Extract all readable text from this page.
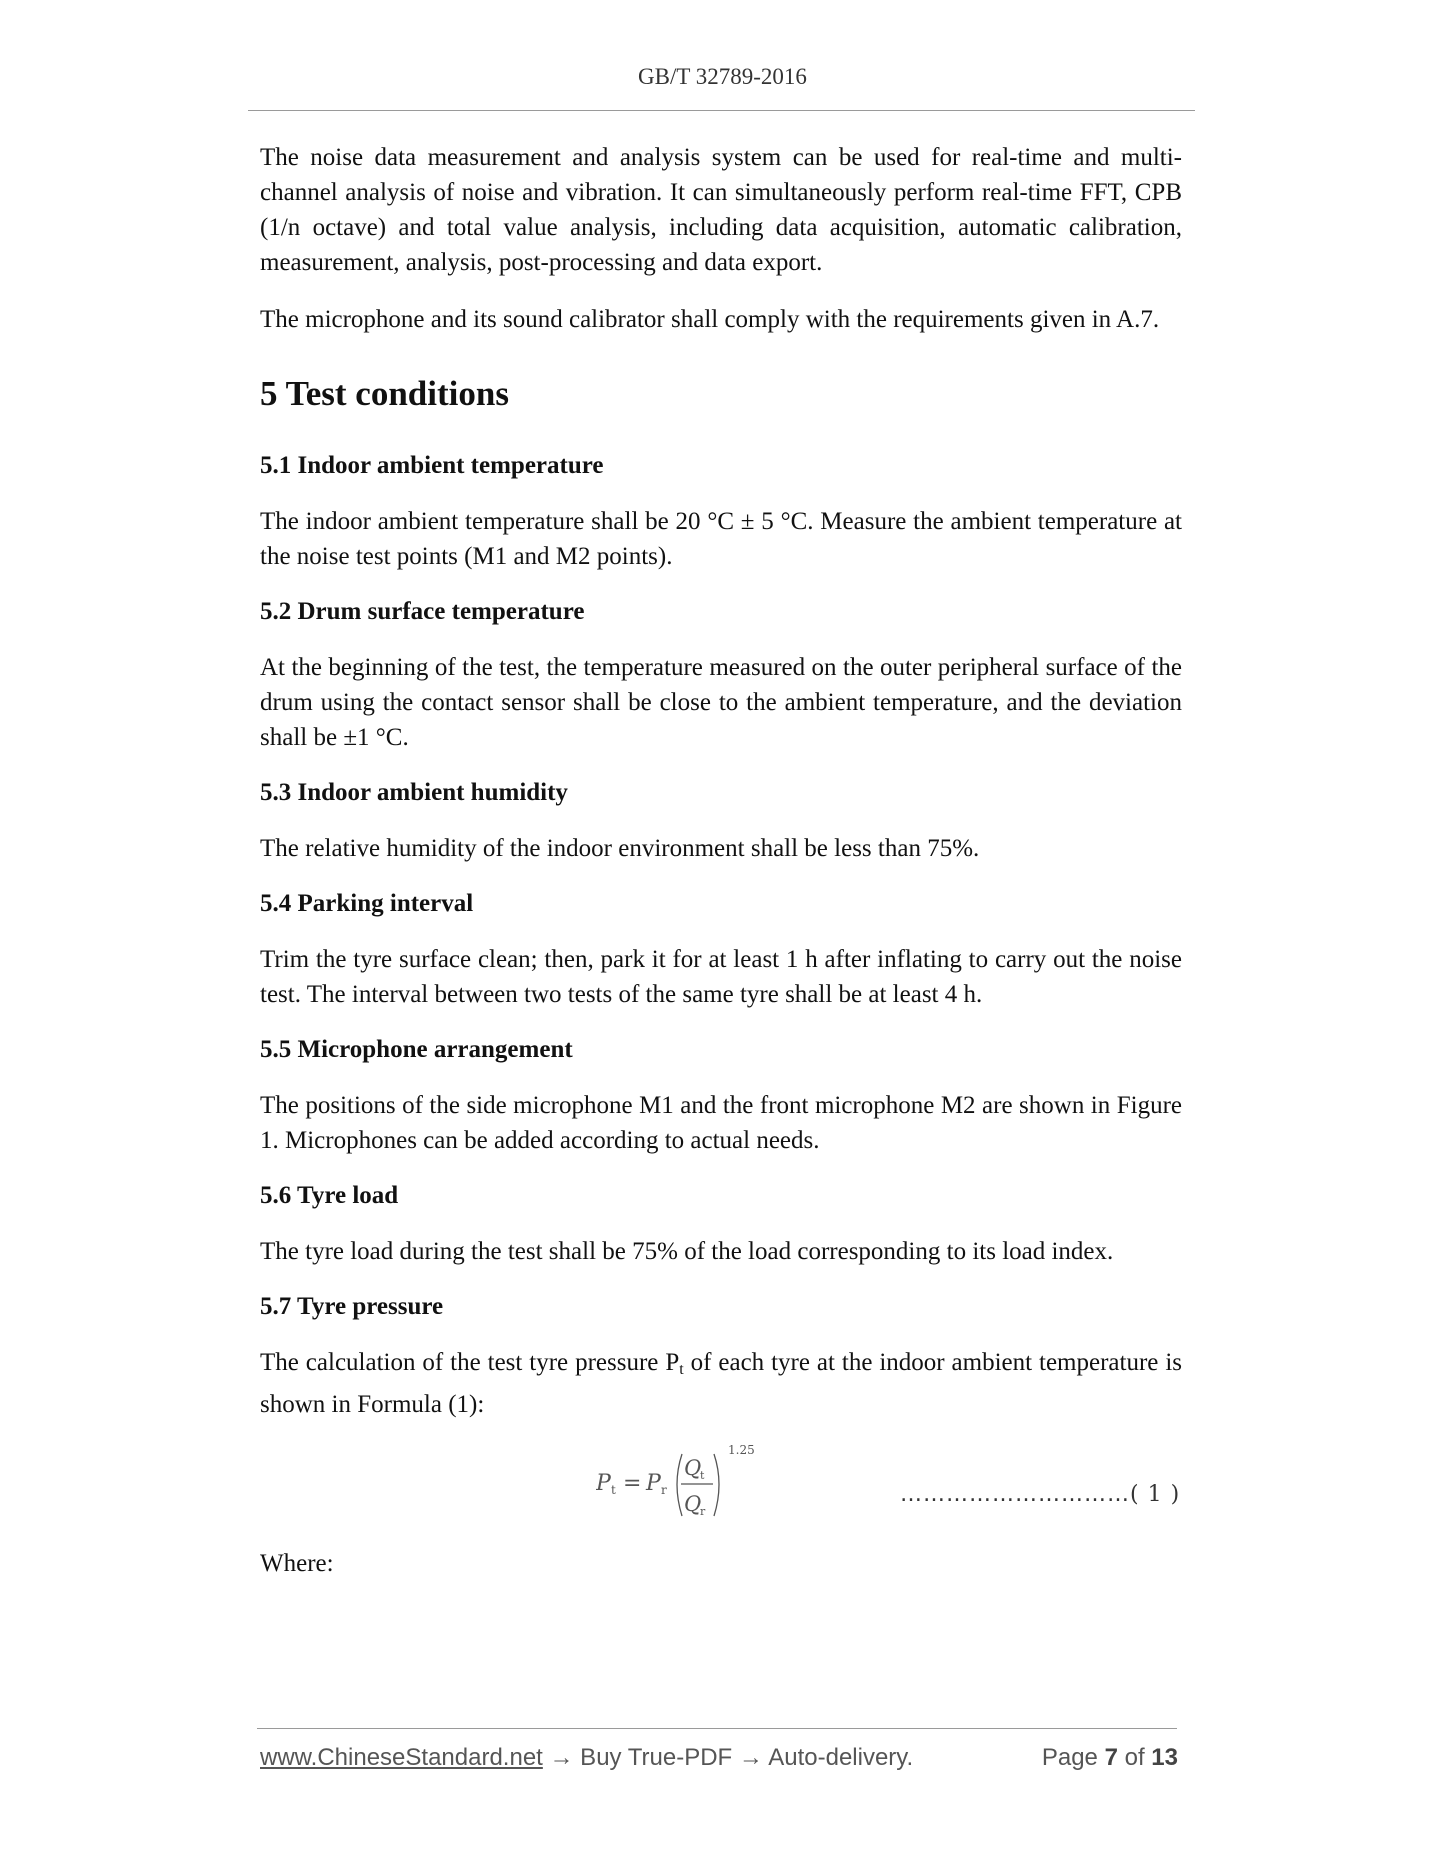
GB/T 32789-2016

The noise data measurement and analysis system can be used for real-time and multi-channel analysis of noise and vibration. It can simultaneously perform real-time FFT, CPB (1/n octave) and total value analysis, including data acquisition, automatic calibration, measurement, analysis, post-processing and data export.

The microphone and its sound calibrator shall comply with the requirements given in A.7.

5 Test conditions
5.1 Indoor ambient temperature

The indoor ambient temperature shall be 20 °C ± 5 °C. Measure the ambient temperature at the noise test points (M1 and M2 points).

5.2 Drum surface temperature

At the beginning of the test, the temperature measured on the outer peripheral surface of the drum using the contact sensor shall be close to the ambient temperature, and the deviation shall be ±1 °C.

5.3 Indoor ambient humidity

The relative humidity of the indoor environment shall be less than 75%.

5.4 Parking interval

Trim the tyre surface clean; then, park it for at least 1 h after inflating to carry out the noise test. The interval between two tests of the same tyre shall be at least 4 h.

5.5 Microphone arrangement

The positions of the side microphone M1 and the front microphone M2 are shown in Figure 1. Microphones can be added according to actual needs.

5.6 Tyre load

The tyre load during the test shall be 75% of the load corresponding to its load index.

5.7 Tyre pressure

The calculation of the test tyre pressure Pt of each tyre at the indoor ambient temperature is shown in Formula (1):

P t = P r
Q
t
Q
r
1.25
…………………………( 1 )

Where:

www.ChineseStandard.net → Buy True-PDF → Auto-delivery.	Page 7 of 13
